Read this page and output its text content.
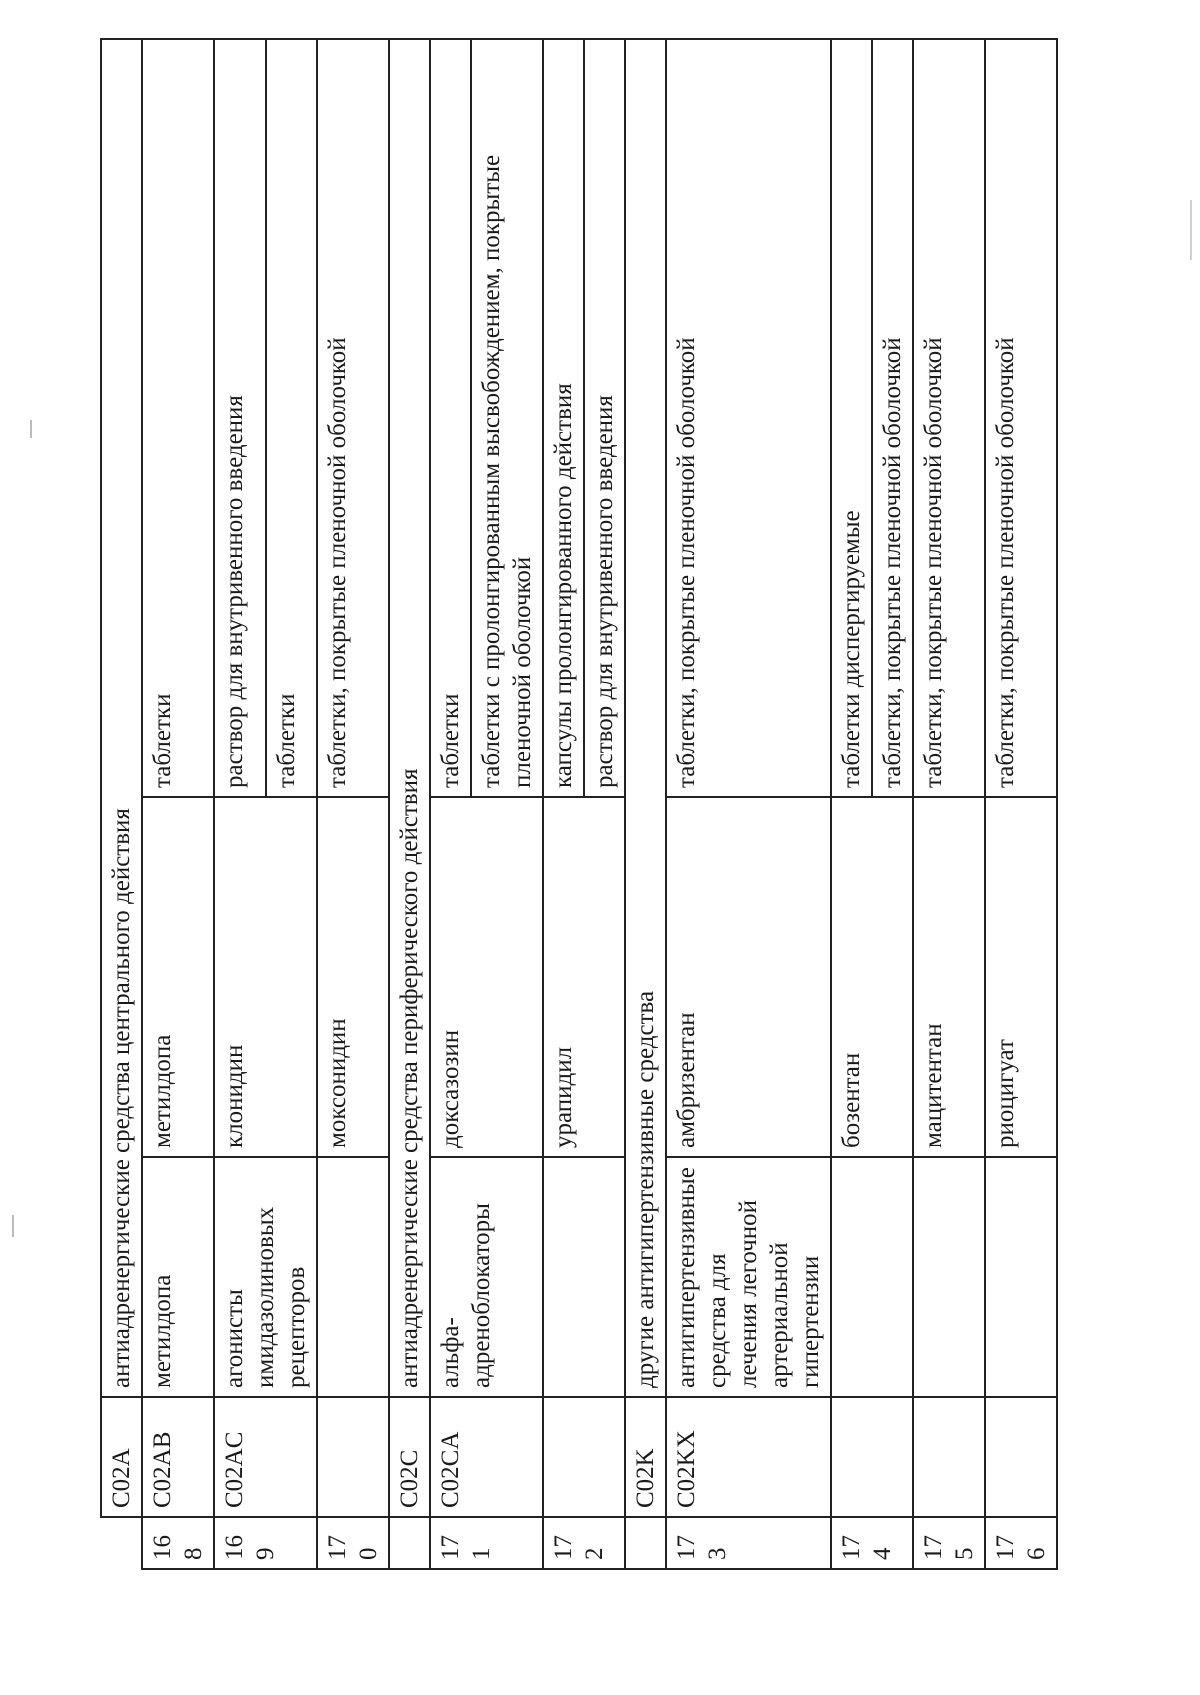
	C02A	антиадренергические средства центрального действия		
168	C02AB	метилдопа	метилдопа	таблетки
169	C02AC	агонисты имидазолиновых рецепторов	клонидин	раствор для внутривенного введения
				таблетки
170			моксонидин	таблетки, покрытые пленочной оболочкой
	C02C	антиадренергические средства периферического действия		
171	C02CA	альфа-адреноблокаторы	доксазозин	таблетки
				таблетки с пролонгированным высвобождением, покрытые пленочной оболочкой
172			урапидил	капсулы пролонгированного действия
				раствор для внутривенного введения
	C02K	другие антигипертензивные средства		
173	C02KX	антигипертензивные средства для лечения легочной артериальной гипертензии	амбризентан	таблетки, покрытые пленочной оболочкой
174			бозентан	таблетки диспергируемые
				таблетки, покрытые пленочной оболочкой
175			мацитентан	таблетки, покрытые пленочной оболочкой
176			риоцигуат	таблетки, покрытые пленочной оболочкой
